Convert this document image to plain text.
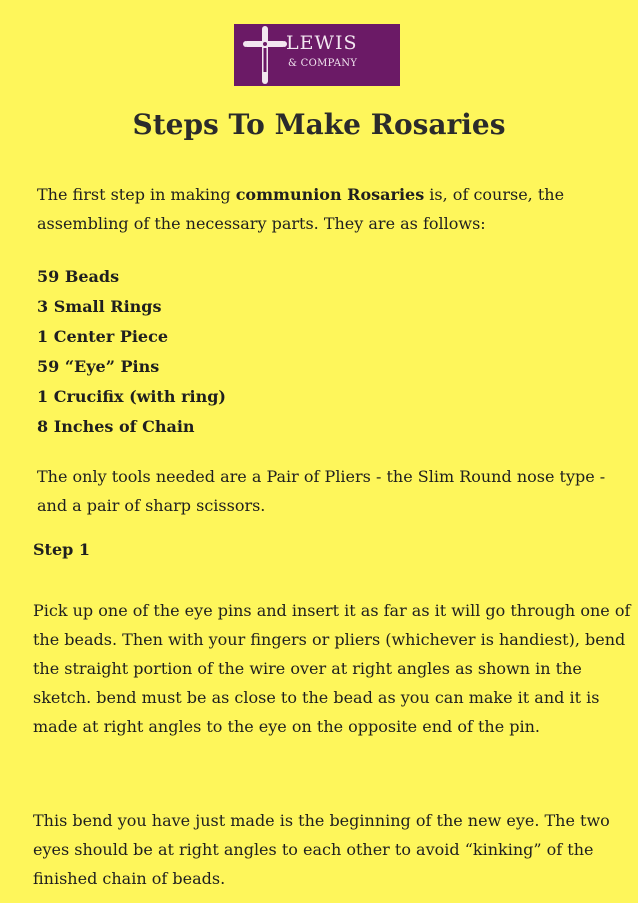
LEWIS
& COMPANY
Steps To Make Rosaries

The first step in making communion Rosaries is, of course, the assembling of the necessary parts. They are as follows:

59 Beads
3 Small Rings
1 Center Piece
59 “Eye” Pins
1 Crucifix (with ring)
8 Inches of Chain

The only tools needed are a Pair of Pliers - the Slim Round nose type - and a pair of sharp scissors.

Step 1

Pick up one of the eye pins and insert it as far as it will go through one of the beads. Then with your fingers or pliers (whichever is handiest), bend the straight portion of the wire over at right angles as shown in the sketch. bend must be as close to the bead as you can make it and it is made at right angles to the eye on the opposite end of the pin.

This bend you have just made is the beginning of the new eye. The two eyes should be at right angles to each other to avoid “kinking” of the finished chain of beads.
